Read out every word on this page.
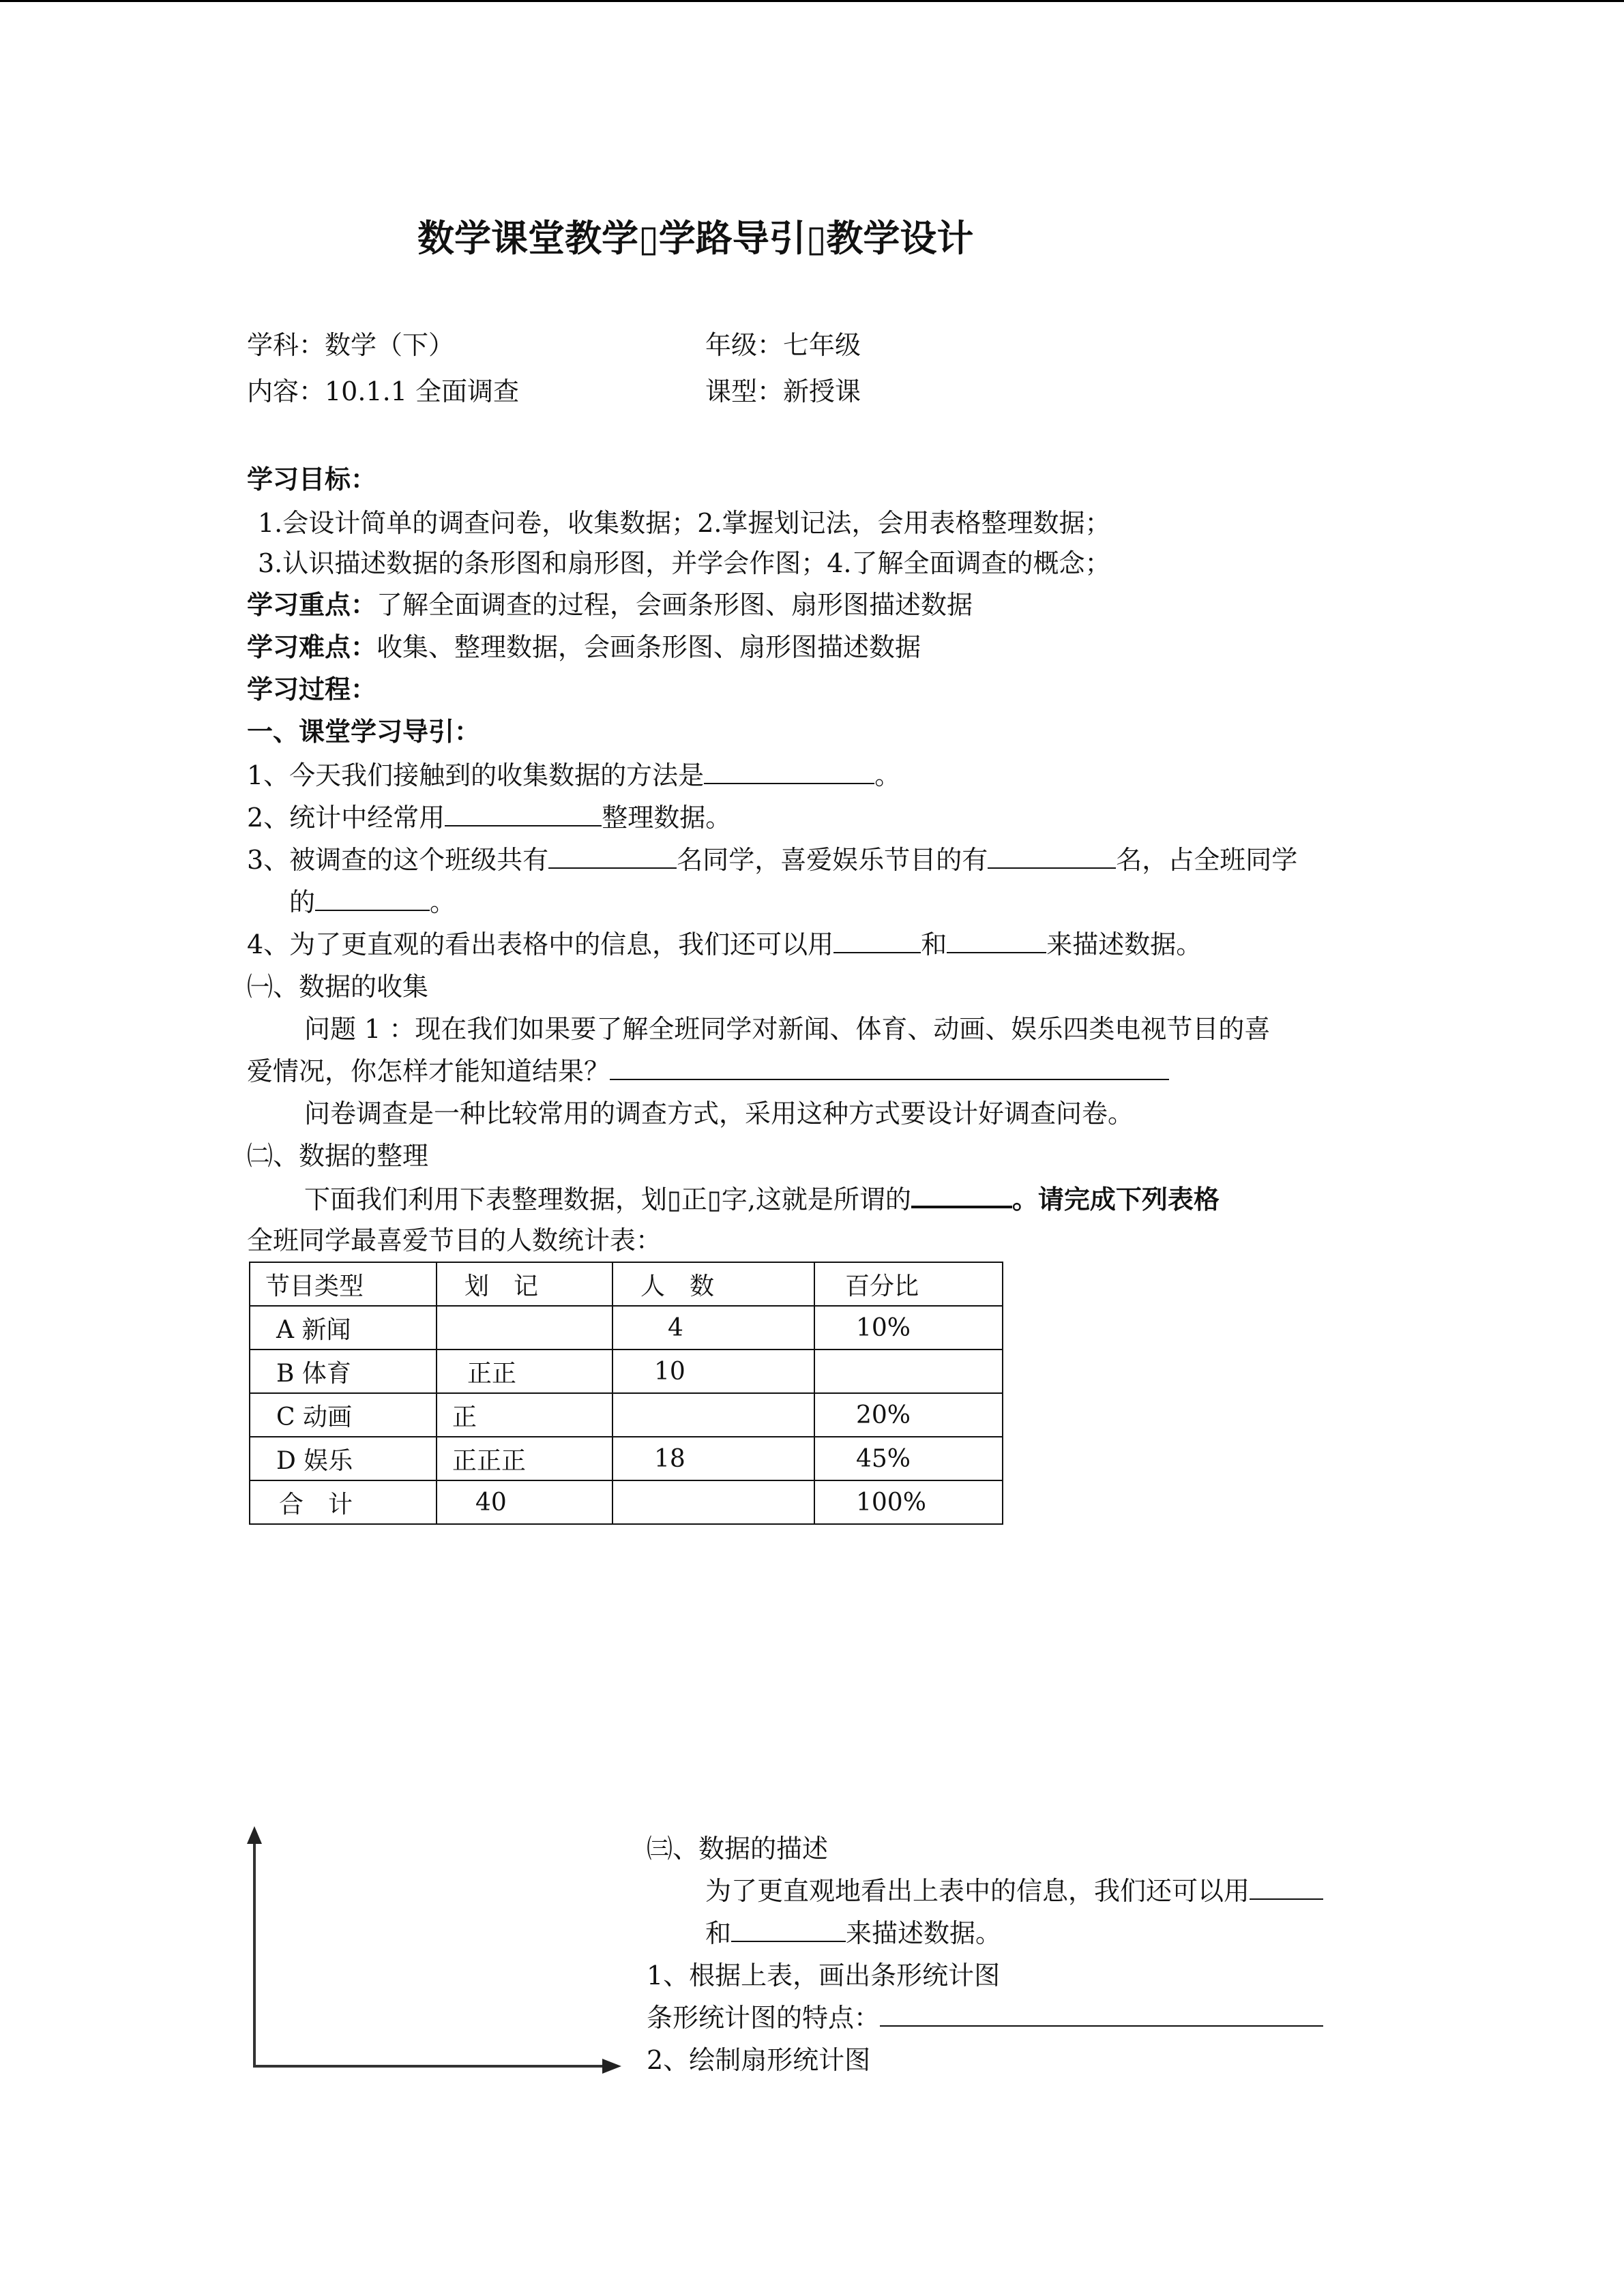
数学课堂教学▯学路导引▯教学设计
学科：数学（下）	年级：七年级
内容：10.1.1 全面调查	课型：新授课
学习目标：
1.会设计简单的调查问卷，收集数据；2.掌握划记法，会用表格整理数据；
3.认识描述数据的条形图和扇形图，并学会作图；4.了解全面调查的概念；
学习重点：了解全面调查的过程，会画条形图、扇形图描述数据
学习难点：收集、整理数据，会画条形图、扇形图描述数据
学习过程：
一、课堂学习导引：
1、今天我们接触到的收集数据的方法是	。
2、统计中经常用	整理数据。
3、被调查的这个班级共有	名同学，喜爱娱乐节目的有	名，占全班同学
的	。
4、为了更直观的看出表格中的信息，我们还可以用	和	来描述数据。
㈠、数据的收集
问题 1 ：现在我们如果要了解全班同学对新闻、体育、动画、娱乐四类电视节目的喜
爱情况，你怎样才能知道结果？
问卷调查是一种比较常用的调查方式，采用这种方式要设计好调查问卷。
㈡、数据的整理
下面我们利用下表整理数据，划▯正▯字,这就是所谓的	。请完成下列表格
全班同学最喜爱节目的人数统计表：
节目类型	划　记	人　数	百分比
A 新闻		4	10%
B 体育	正正	10	
C 动画	正		20%
D 娱乐	正正正	18	45%
合　计	40		100%
㈢、数据的描述
为了更直观地看出上表中的信息，我们还可以用
和	来描述数据。
1、根据上表，画出条形统计图
条形统计图的特点：
2、绘制扇形统计图
